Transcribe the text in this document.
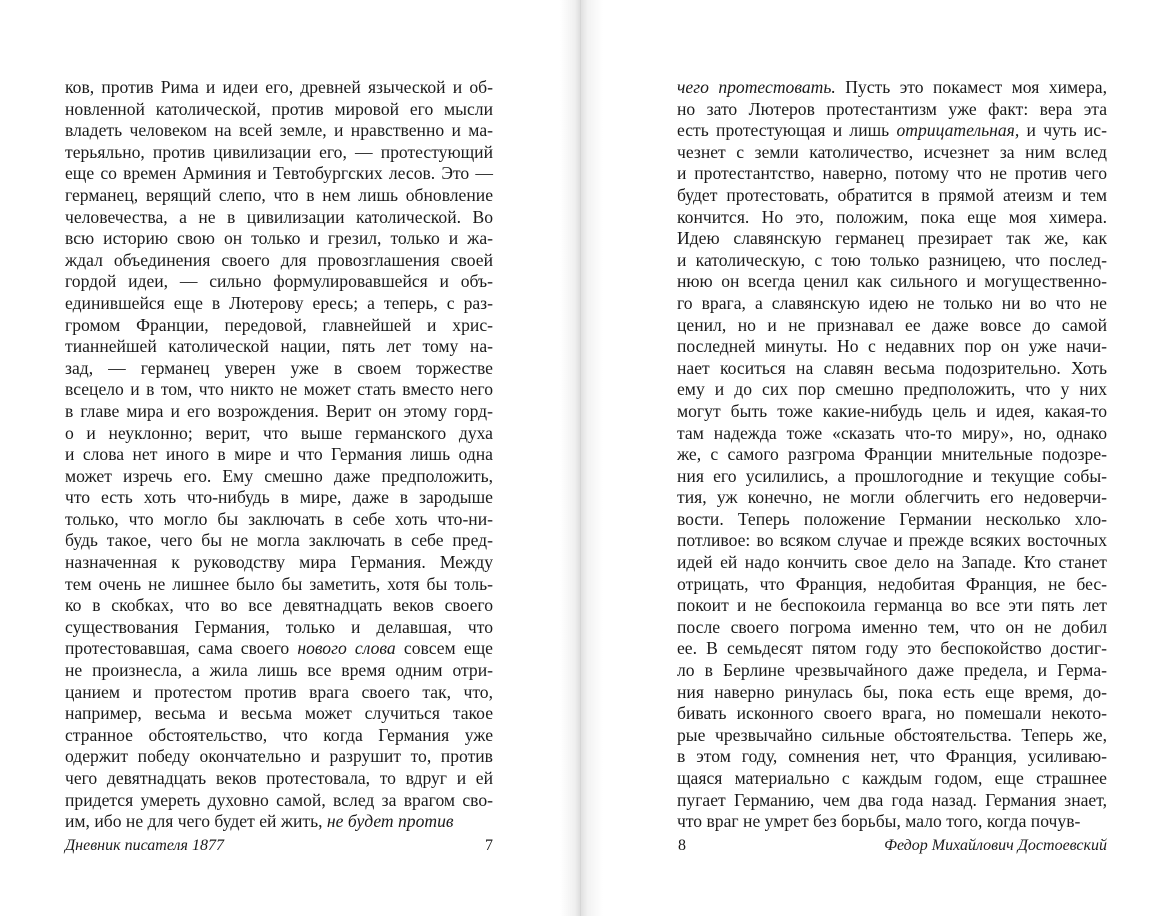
ков, против Рима и идеи его, древней языческой и об-
новленной католической, против мировой его мысли
владеть человеком на всей земле, и нравственно и ма-
терьяльно, против цивилизации его, — протестующий
еще со времен Арминия и Тевтобургских лесов. Это —
германец, верящий слепо, что в нем лишь обновление
человечества, а не в цивилизации католической. Во
всю историю свою он только и грезил, только и жа-
ждал объединения своего для провозглашения своей
гордой идеи, — сильно формулировавшейся и объ-
единившейся еще в Лютерову ересь; а теперь, с раз-
громом Франции, передовой, главнейшей и хрис-
тианнейшей католической нации, пять лет тому на-
зад, — германец уверен уже в своем торжестве
всецело и в том, что никто не может стать вместо него
в главе мира и его возрождения. Верит он этому горд-
о и неуклонно; верит, что выше германского духа
и слова нет иного в мире и что Германия лишь одна
может изречь его. Ему смешно даже предположить,
что есть хоть что-нибудь в мире, даже в зародыше
только, что могло бы заключать в себе хоть что-ни-
будь такое, чего бы не могла заключать в себе пред-
назначенная к руководству мира Германия. Между
тем очень не лишнее было бы заметить, хотя бы толь-
ко в скобках, что во все девятнадцать веков своего
существования Германия, только и делавшая, что
протестовавшая, сама своего нового слова совсем еще
не произнесла, а жила лишь все время одним отри-
цанием и протестом против врага своего так, что,
например, весьма и весьма может случиться такое
странное обстоятельство, что когда Германия уже
одержит победу окончательно и разрушит то, против
чего девятнадцать веков протестовала, то вдруг и ей
придется умереть духовно самой, вслед за врагом сво-
им, ибо не для чего будет ей жить, не будет против
Дневник писателя 1877	7
чего протестовать. Пусть это покамест моя химера,
но зато Лютеров протестантизм уже факт: вера эта
есть протестующая и лишь отрицательная, и чуть ис-
чезнет с земли католичество, исчезнет за ним вслед
и протестантство, наверно, потому что не против чего
будет протестовать, обратится в прямой атеизм и тем
кончится. Но это, положим, пока еще моя химера.
Идею славянскую германец презирает так же, как
и католическую, с тою только разницею, что послед-
нюю он всегда ценил как сильного и могущественно-
го врага, а славянскую идею не только ни во что не
ценил, но и не признавал ее даже вовсе до самой
последней минуты. Но с недавних пор он уже начи-
нает коситься на славян весьма подозрительно. Хоть
ему и до сих пор смешно предположить, что у них
могут быть тоже какие-нибудь цель и идея, какая-то
там надежда тоже «сказать что-то миру», но, однако
же, с самого разгрома Франции мнительные подозре-
ния его усилились, а прошлогодние и текущие собы-
тия, уж конечно, не могли облегчить его недоверчи-
вости. Теперь положение Германии несколько хло-
потливое: во всяком случае и прежде всяких восточных
идей ей надо кончить свое дело на Западе. Кто станет
отрицать, что Франция, недобитая Франция, не бес-
покоит и не беспокоила германца во все эти пять лет
после своего погрома именно тем, что он не добил
ее. В семьдесят пятом году это беспокойство достиг-
ло в Берлине чрезвычайного даже предела, и Герма-
ния наверно ринулась бы, пока есть еще время, до-
бивать исконного своего врага, но помешали некото-
рые чрезвычайно сильные обстоятельства. Теперь же,
в этом году, сомнения нет, что Франция, усиливаю-
щаяся материально с каждым годом, еще страшнее
пугает Германию, чем два года назад. Германия знает,
что враг не умрет без борьбы, мало того, когда почув-
8	Федор Михайлович Достоевский
